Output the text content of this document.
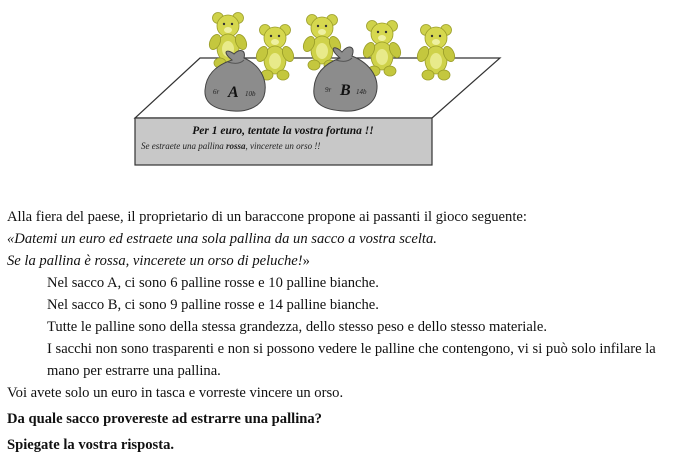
A
6r	10b	B
9r	14b
Per 1 euro, tentate la vostra fortuna !!
Se estraete una pallina rossa, vincerete un orso !!
Alla fiera del paese, il proprietario di un baraccone propone ai passanti il gioco seguente:
«Datemi un euro ed estraete una sola pallina da un sacco a vostra scelta.
Se la pallina è rossa, vincerete un orso di peluche!»
Nel sacco A, ci sono 6 palline rosse e 10 palline bianche.
Nel sacco B, ci sono 9 palline rosse e 14 palline bianche.
Tutte le palline sono della stessa grandezza, dello stesso peso e dello stesso materiale.
I sacchi non sono trasparenti e non si possono vedere le palline che contengono, vi si può solo infilare la mano per estrarre una pallina.
Voi avete solo un euro in tasca e vorreste vincere un orso.
Da quale sacco provereste ad estrarre una pallina?
Spiegate la vostra risposta.
